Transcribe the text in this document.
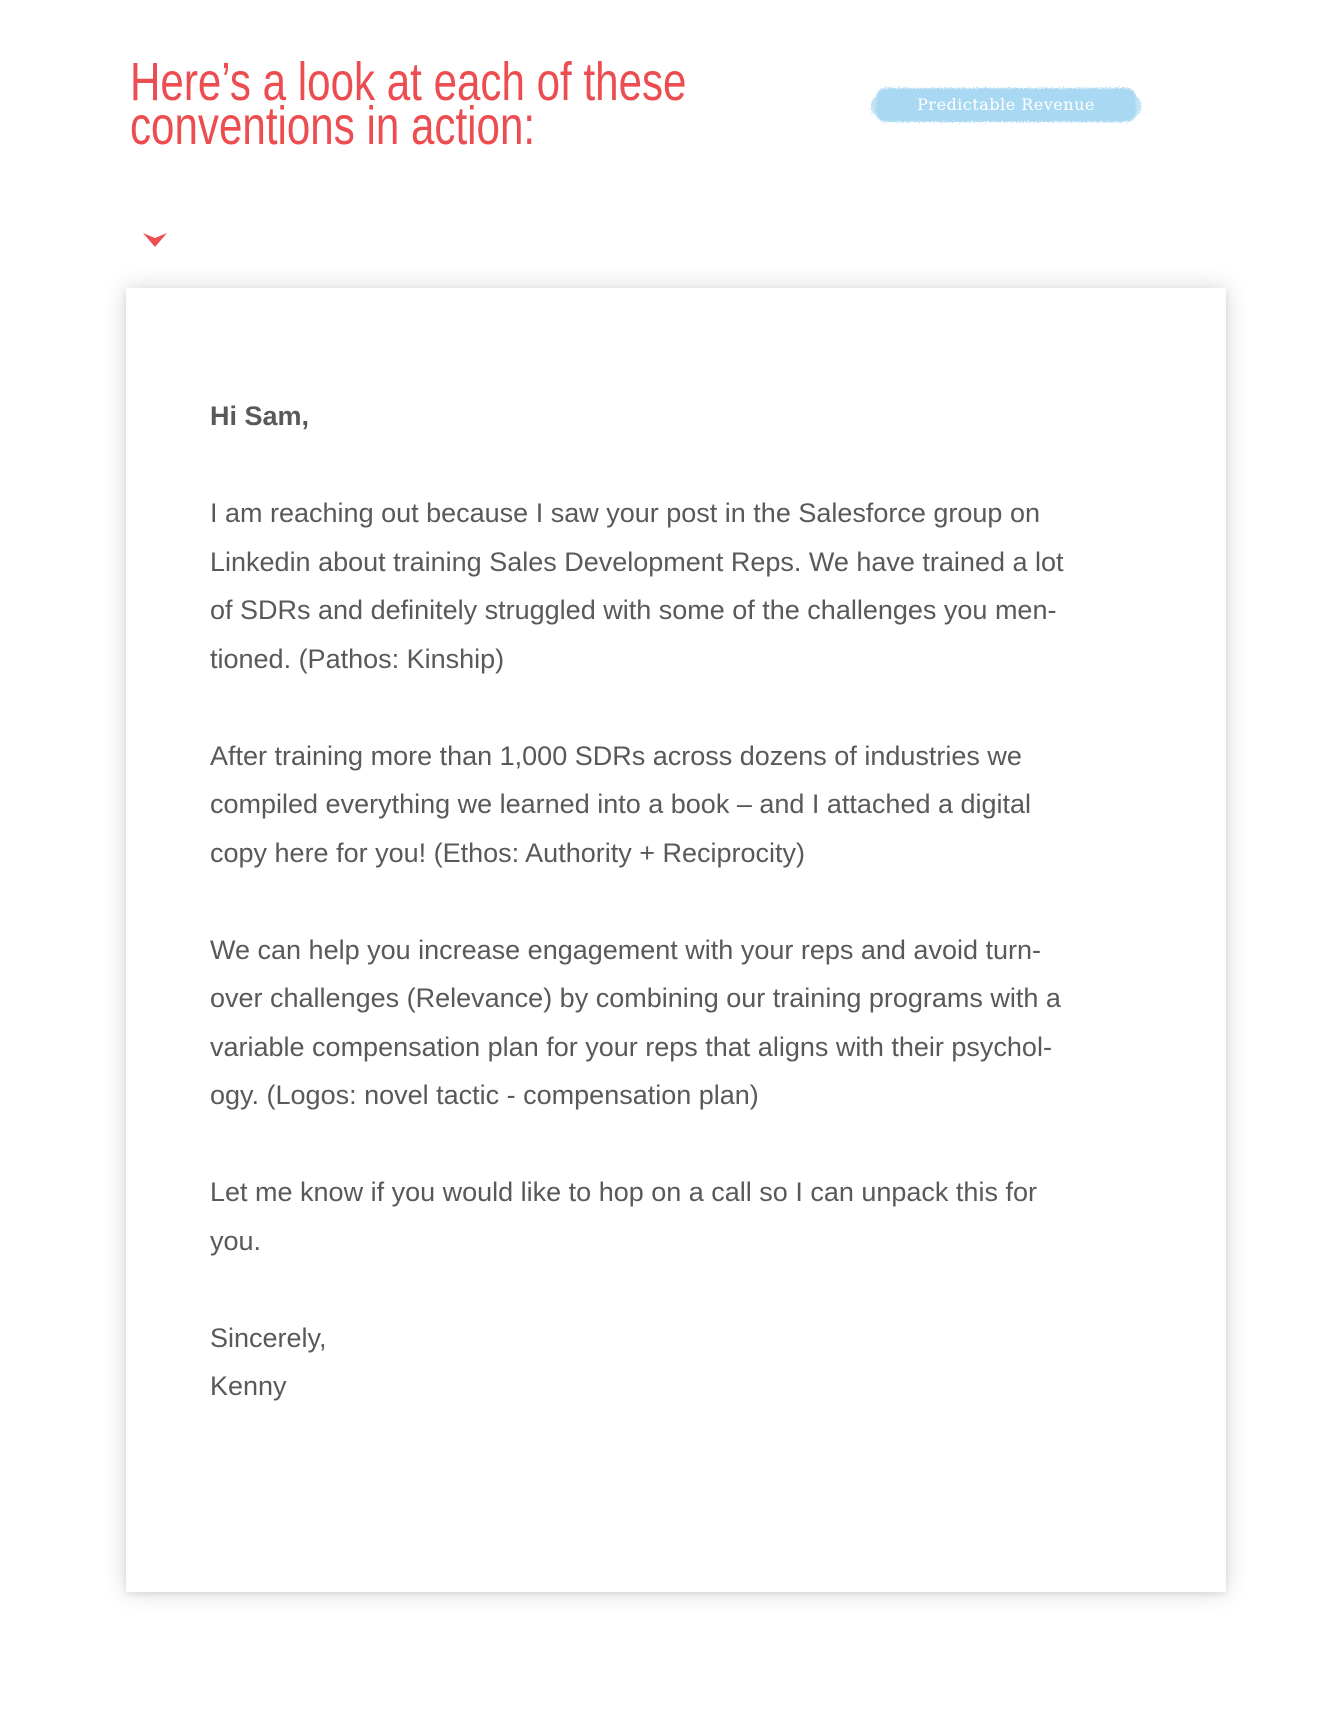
Here’s a look at each of these
conventions in action:	Predictable Revenue

Hi Sam,

I am reaching out because I saw your post in the Salesforce group on
Linkedin about training Sales Development Reps. We have trained a lot
of SDRs and definitely struggled with some of the challenges you men-
tioned. (Pathos: Kinship)

After training more than 1,000 SDRs across dozens of industries we
compiled everything we learned into a book – and I attached a digital
copy here for you! (Ethos: Authority + Reciprocity)

We can help you increase engagement with your reps and avoid turn-
over challenges (Relevance) by combining our training programs with a
variable compensation plan for your reps that aligns with their psychol-
ogy. (Logos: novel tactic - compensation plan)

Let me know if you would like to hop on a call so I can unpack this for
you.

Sincerely,

Kenny
